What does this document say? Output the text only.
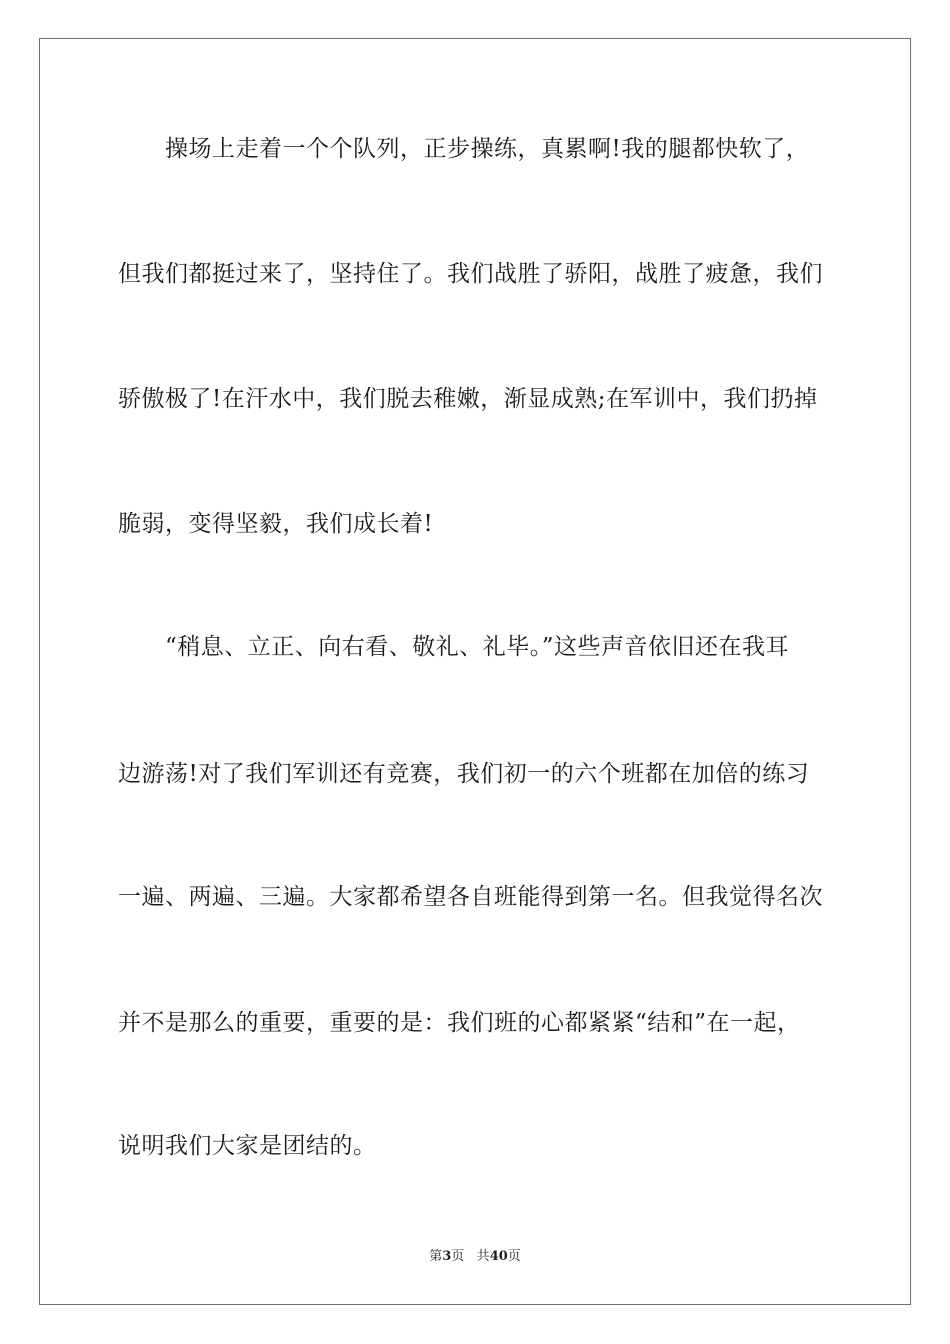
操场上走着一个个队列，正步操练，真累啊!我的腿都快软了，
但我们都挺过来了，坚持住了。我们战胜了骄阳，战胜了疲惫，我们
骄傲极了!在汗水中，我们脱去稚嫩，渐显成熟;在军训中，我们扔掉
脆弱，变得坚毅，我们成长着!
“稍息、立正、向右看、敬礼、礼毕。”这些声音依旧还在我耳
边游荡!对了我们军训还有竞赛，我们初一的六个班都在加倍的练习
一遍、两遍、三遍。大家都希望各自班能得到第一名。但我觉得名次
并不是那么的重要，重要的是：我们班的心都紧紧“结和”在一起，
说明我们大家是团结的。
第3页 共40页
